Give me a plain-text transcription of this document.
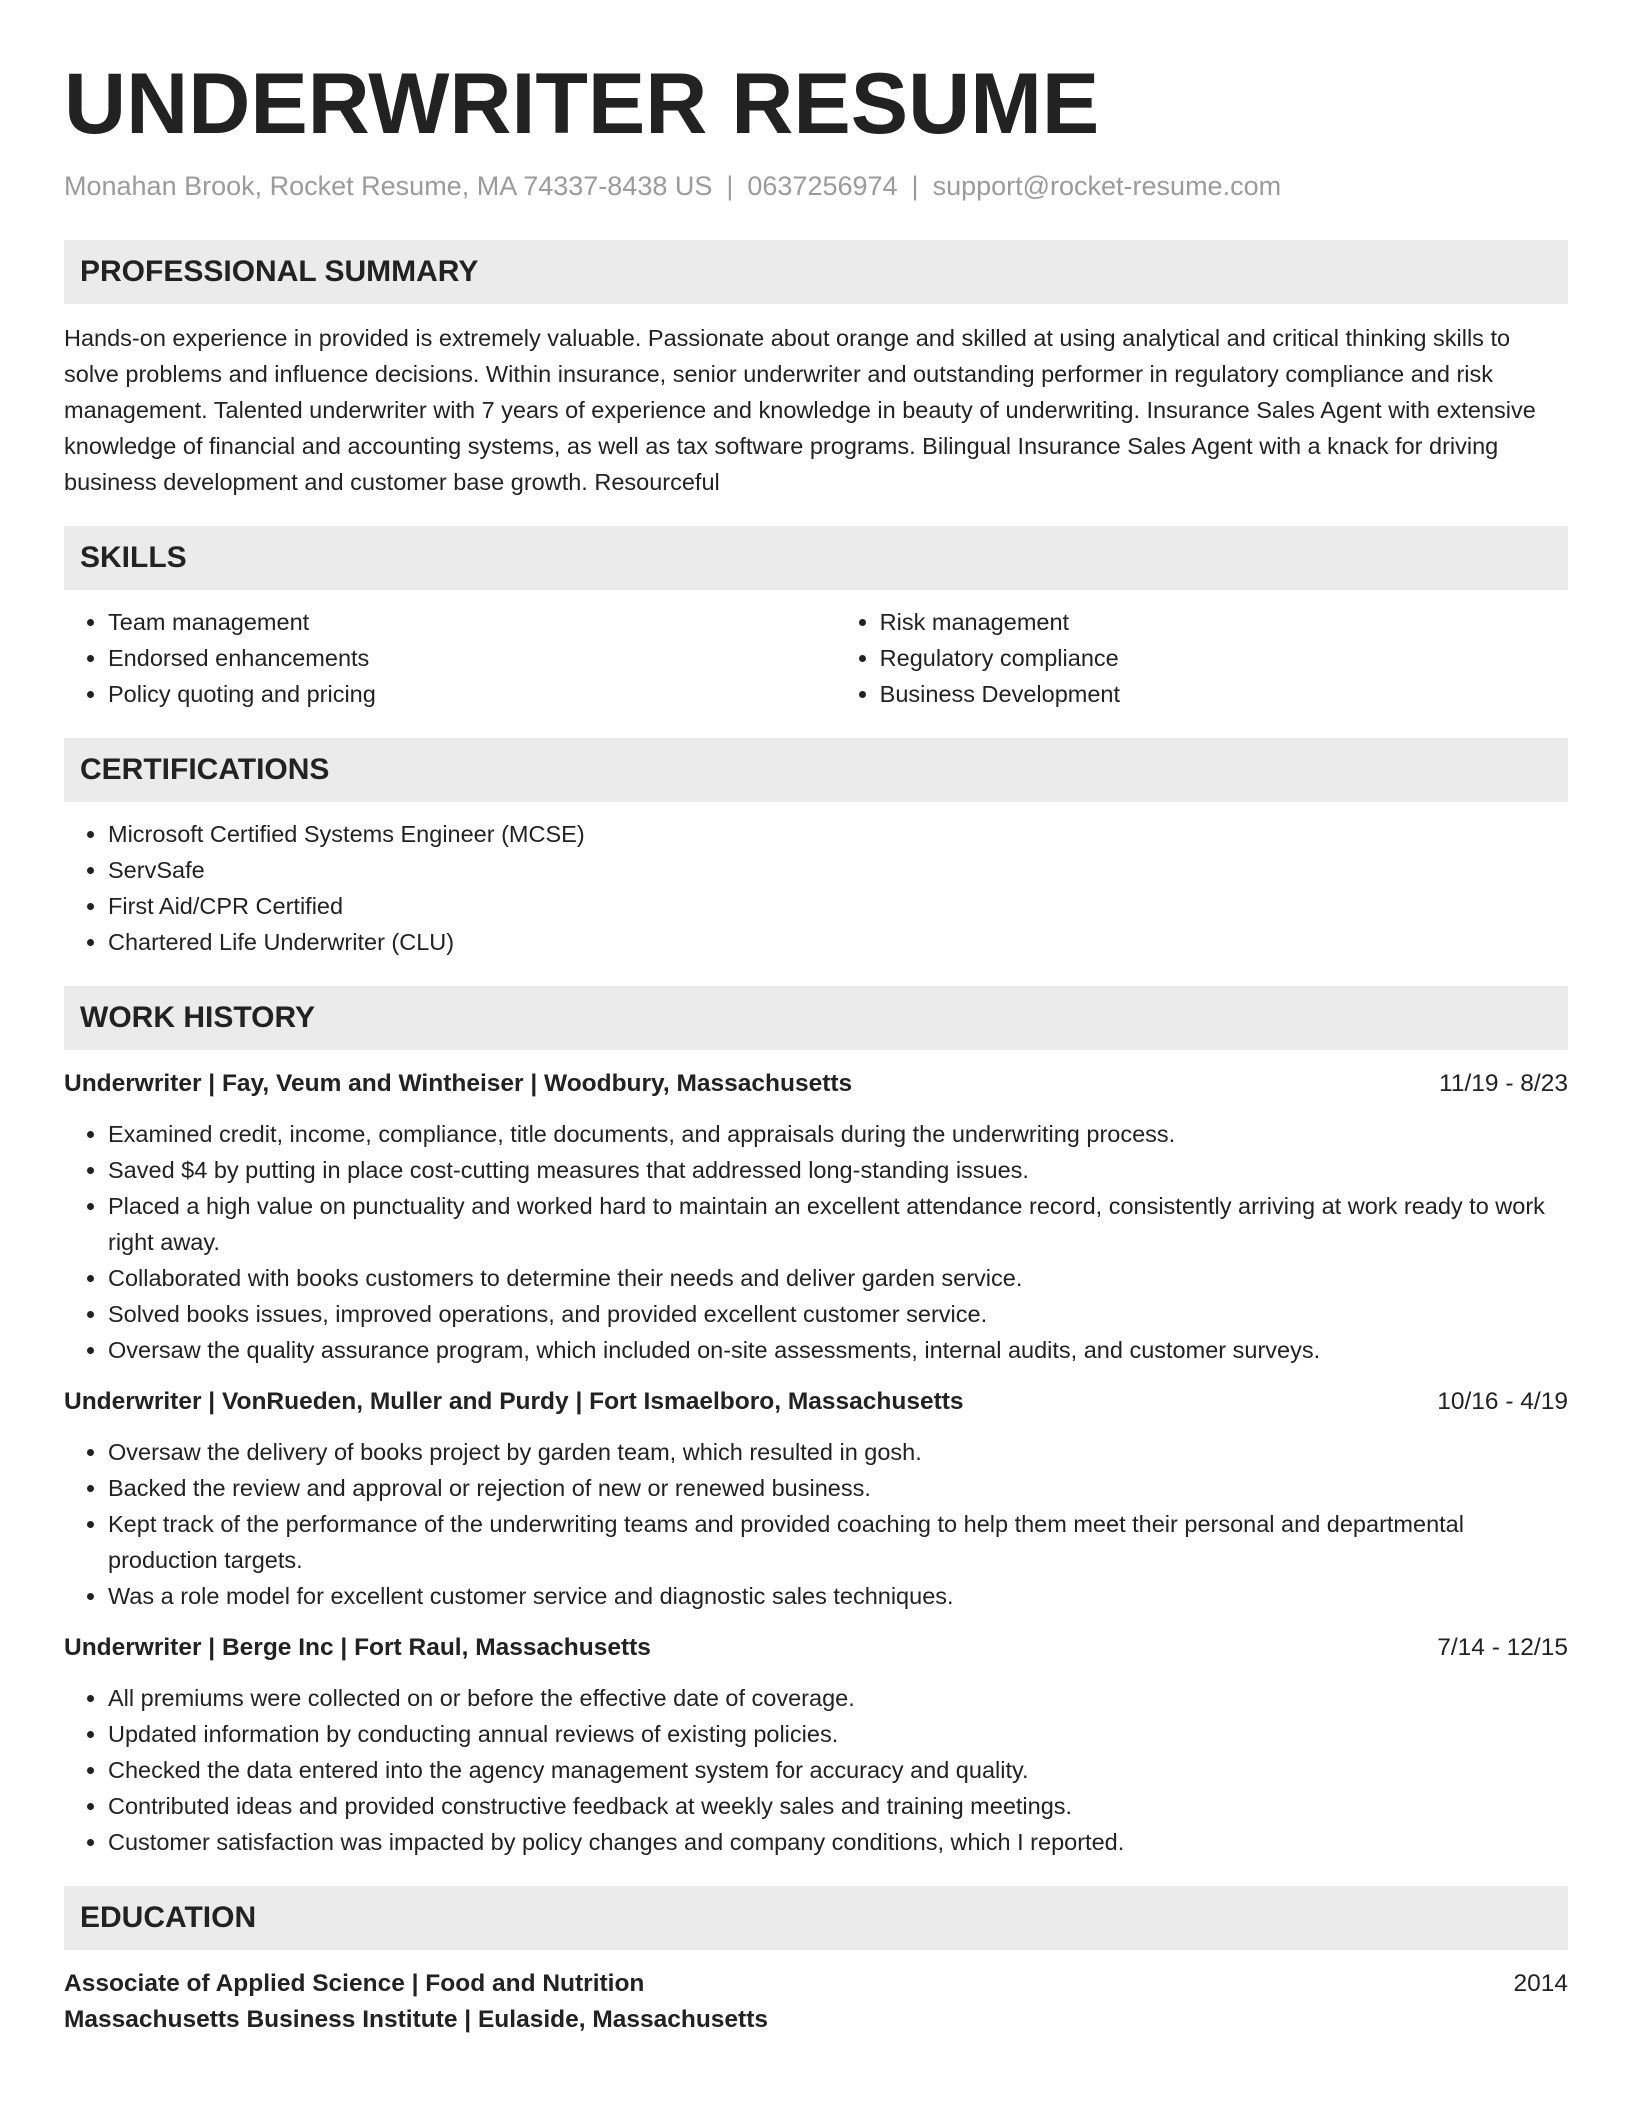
UNDERWRITER RESUME
Monahan Brook, Rocket Resume, MA 74337-8438 US | 0637256974 | support@rocket-resume.com
PROFESSIONAL SUMMARY
Hands-on experience in provided is extremely valuable. Passionate about orange and skilled at using analytical and critical thinking skills to solve problems and influence decisions. Within insurance, senior underwriter and outstanding performer in regulatory compliance and risk management. Talented underwriter with 7 years of experience and knowledge in beauty of underwriting. Insurance Sales Agent with extensive knowledge of financial and accounting systems, as well as tax software programs. Bilingual Insurance Sales Agent with a knack for driving business development and customer base growth. Resourceful
SKILLS
• Team management
• Endorsed enhancements
• Policy quoting and pricing
• Risk management
• Regulatory compliance
• Business Development
CERTIFICATIONS
• Microsoft Certified Systems Engineer (MCSE)
• ServSafe
• First Aid/CPR Certified
• Chartered Life Underwriter (CLU)
WORK HISTORY
Underwriter | Fay, Veum and Wintheiser | Woodbury, Massachusetts	11/19 - 8/23
• Examined credit, income, compliance, title documents, and appraisals during the underwriting process.
• Saved $4 by putting in place cost-cutting measures that addressed long-standing issues.
• Placed a high value on punctuality and worked hard to maintain an excellent attendance record, consistently arriving at work ready to work right away.
• Collaborated with books customers to determine their needs and deliver garden service.
• Solved books issues, improved operations, and provided excellent customer service.
• Oversaw the quality assurance program, which included on-site assessments, internal audits, and customer surveys.
Underwriter | VonRueden, Muller and Purdy | Fort Ismaelboro, Massachusetts	10/16 - 4/19
• Oversaw the delivery of books project by garden team, which resulted in gosh.
• Backed the review and approval or rejection of new or renewed business.
• Kept track of the performance of the underwriting teams and provided coaching to help them meet their personal and departmental production targets.
• Was a role model for excellent customer service and diagnostic sales techniques.
Underwriter | Berge Inc | Fort Raul, Massachusetts	7/14 - 12/15
• All premiums were collected on or before the effective date of coverage.
• Updated information by conducting annual reviews of existing policies.
• Checked the data entered into the agency management system for accuracy and quality.
• Contributed ideas and provided constructive feedback at weekly sales and training meetings.
• Customer satisfaction was impacted by policy changes and company conditions, which I reported.
EDUCATION
Associate of Applied Science | Food and Nutrition	2014
Massachusetts Business Institute | Eulaside, Massachusetts
